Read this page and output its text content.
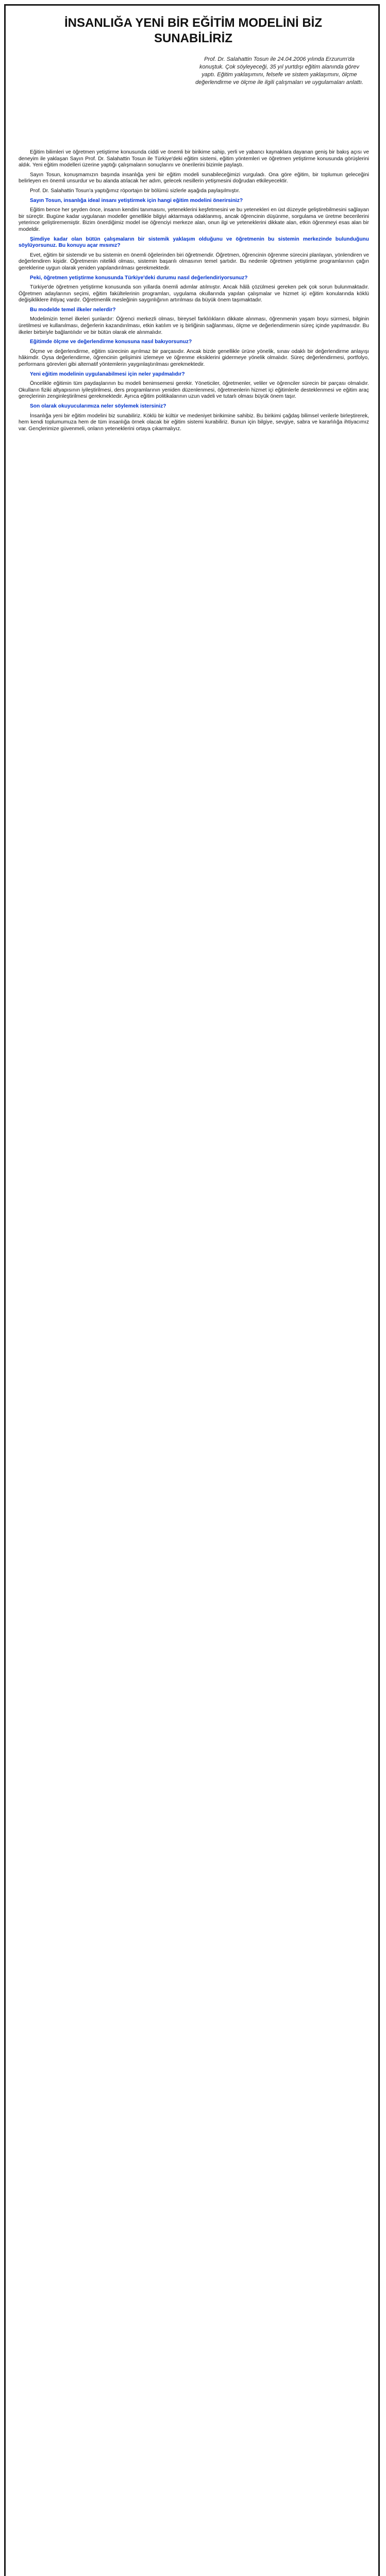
İNSANLIĞA YENİ BİR EĞİTİM MODELİNİ BİZ
SUNABİLİRİZ
Prof. Dr. Salahattin Tosun ile 24.04.2006 yılında Erzurum'da konuştuk. Çok söyleyeceği, 35 yıl yurtdışı eğitim alanında görev yaptı. Eğitim yaklaşımını, felsefe ve sistem yaklaşımını, ölçme değerlendirme ve ölçme ile ilgili çalışmaları ve uygulamaları anlattı.

Eğitim bilimleri ve öğretmen yetiştirme konusunda ciddi ve önemli bir birikime sahip, yerli ve yabancı kaynaklara dayanan geniş bir bakış açısı ve deneyim ile yaklaşan Sayın Prof. Dr. Salahattin Tosun ile Türkiye'deki eğitim sistemi, eğitim yöntemleri ve öğretmen yetiştirme konusunda görüşlerini aldık. Yeni eğitim modelleri üzerine yaptığı çalışmaların sonuçlarını ve önerilerini bizimle paylaştı.

Sayın Tosun, konuşmamızın başında insanlığa yeni bir eğitim modeli sunabileceğimizi vurguladı. Ona göre eğitim, bir toplumun geleceğini belirleyen en önemli unsurdur ve bu alanda atılacak her adım, gelecek nesillerin yetişmesini doğrudan etkileyecektir.

Prof. Dr. Salahattin Tosun'a yaptığımız röportajın bir bölümü sizlerle aşağıda paylaşılmıştır.

Sayın Tosun, insanlığa ideal insanı yetiştirmek için hangi eğitim modelini önerirsiniz?

Eğitim bence her şeyden önce, insanın kendini tanımasını, yeteneklerini keşfetmesini ve bu yetenekleri en üst düzeyde geliştirebilmesini sağlayan bir süreçtir. Bugüne kadar uygulanan modeller genellikle bilgiyi aktarmaya odaklanmış, ancak öğrencinin düşünme, sorgulama ve üretme becerilerini yeterince geliştirememiştir. Bizim önerdiğimiz model ise öğrenciyi merkeze alan, onun ilgi ve yeteneklerini dikkate alan, etkin öğrenmeyi esas alan bir modeldir.

Şimdiye kadar olan bütün çalışmaların bir sistemik yaklaşım olduğunu ve öğretmenin bu sistemin merkezinde bulunduğunu söylüyorsunuz. Bu konuyu açar mısınız?

Evet, eğitim bir sistemdir ve bu sistemin en önemli öğelerinden biri öğretmendir. Öğretmen, öğrencinin öğrenme sürecini planlayan, yönlendiren ve değerlendiren kişidir. Öğretmenin nitelikli olması, sistemin başarılı olmasının temel şartıdır. Bu nedenle öğretmen yetiştirme programlarının çağın gereklerine uygun olarak yeniden yapılandırılması gerekmektedir.

Peki, öğretmen yetiştirme konusunda Türkiye'deki durumu nasıl değerlendiriyorsunuz?

Türkiye'de öğretmen yetiştirme konusunda son yıllarda önemli adımlar atılmıştır. Ancak hâlâ çözülmesi gereken pek çok sorun bulunmaktadır. Öğretmen adaylarının seçimi, eğitim fakültelerinin programları, uygulama okullarında yapılan çalışmalar ve hizmet içi eğitim konularında köklü değişikliklere ihtiyaç vardır. Öğretmenlik mesleğinin saygınlığının artırılması da büyük önem taşımaktadır.

Bu modelde temel ilkeler nelerdir?

Modelimizin temel ilkeleri şunlardır: Öğrenci merkezli olması, bireysel farklılıkların dikkate alınması, öğrenmenin yaşam boyu sürmesi, bilginin üretilmesi ve kullanılması, değerlerin kazandırılması, etkin katılım ve iş birliğinin sağlanması, ölçme ve değerlendirmenin süreç içinde yapılmasıdır. Bu ilkeler birbiriyle bağlantılıdır ve bir bütün olarak ele alınmalıdır.

Eğitimde ölçme ve değerlendirme konusuna nasıl bakıyorsunuz?

Ölçme ve değerlendirme, eğitim sürecinin ayrılmaz bir parçasıdır. Ancak bizde genellikle ürüne yönelik, sınav odaklı bir değerlendirme anlayışı hâkimdir. Oysa değerlendirme, öğrencinin gelişimini izlemeye ve öğrenme eksiklerini gidermeye yönelik olmalıdır. Süreç değerlendirmesi, portfolyo, performans görevleri gibi alternatif yöntemlerin yaygınlaştırılması gerekmektedir.

Yeni eğitim modelinin uygulanabilmesi için neler yapılmalıdır?

Öncelikle eğitimin tüm paydaşlarının bu modeli benimsemesi gerekir. Yöneticiler, öğretmenler, veliler ve öğrenciler sürecin bir parçası olmalıdır. Okulların fiziki altyapısının iyileştirilmesi, ders programlarının yeniden düzenlenmesi, öğretmenlerin hizmet içi eğitimlerle desteklenmesi ve eğitim araç gereçlerinin zenginleştirilmesi gerekmektedir. Ayrıca eğitim politikalarının uzun vadeli ve tutarlı olması büyük önem taşır.

Son olarak okuyucularımıza neler söylemek istersiniz?

İnsanlığa yeni bir eğitim modelini biz sunabiliriz. Köklü bir kültür ve medeniyet birikimine sahibiz. Bu birikimi çağdaş bilimsel verilerle birleştirerek, hem kendi toplumumuza hem de tüm insanlığa örnek olacak bir eğitim sistemi kurabiliriz. Bunun için bilgiye, sevgiye, sabra ve kararlılığa ihtiyacımız var. Gençlerimize güvenmeli, onların yeteneklerini ortaya çıkarmalıyız.
